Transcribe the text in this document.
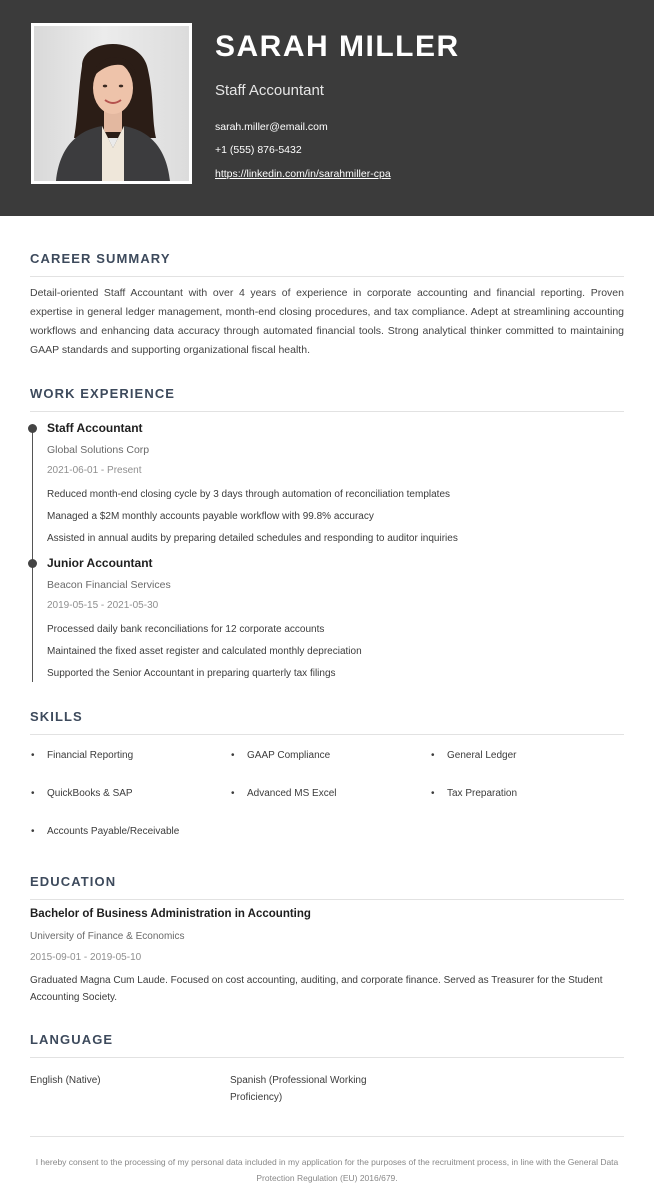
SARAH MILLER
Staff Accountant
sarah.miller@email.com
+1 (555) 876-5432
https://linkedin.com/in/sarahmiller-cpa
CAREER SUMMARY
Detail-oriented Staff Accountant with over 4 years of experience in corporate accounting and financial reporting. Proven expertise in general ledger management, month-end closing procedures, and tax compliance. Adept at streamlining accounting workflows and enhancing data accuracy through automated financial tools. Strong analytical thinker committed to maintaining GAAP standards and supporting organizational fiscal health.
WORK EXPERIENCE
Staff Accountant
Global Solutions Corp
2021-06-01 - Present
Reduced month-end closing cycle by 3 days through automation of reconciliation templates
Managed a $2M monthly accounts payable workflow with 99.8% accuracy
Assisted in annual audits by preparing detailed schedules and responding to auditor inquiries
Junior Accountant
Beacon Financial Services
2019-05-15 - 2021-05-30
Processed daily bank reconciliations for 12 corporate accounts
Maintained the fixed asset register and calculated monthly depreciation
Supported the Senior Accountant in preparing quarterly tax filings
SKILLS
• Financial Reporting	• GAAP Compliance	• General Ledger
• QuickBooks & SAP	• Advanced MS Excel	• Tax Preparation
• Accounts Payable/Receivable
EDUCATION
Bachelor of Business Administration in Accounting
University of Finance & Economics
2015-09-01 - 2019-05-10
Graduated Magna Cum Laude. Focused on cost accounting, auditing, and corporate finance. Served as Treasurer for the Student Accounting Society.
LANGUAGE
English (Native)	Spanish (Professional Working Proficiency)
I hereby consent to the processing of my personal data included in my application for the purposes of the recruitment process, in line with the General Data Protection Regulation (EU) 2016/679.
